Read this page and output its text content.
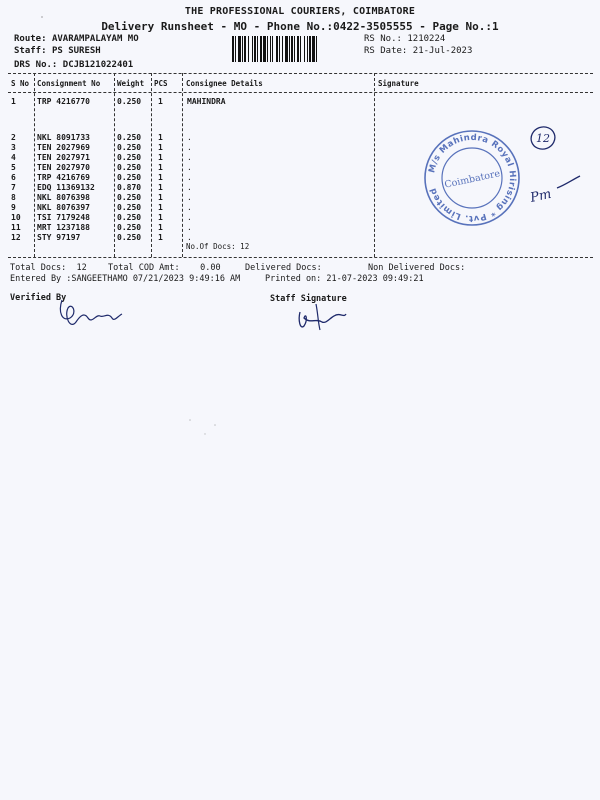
THE PROFESSIONAL COURIERS, COIMBATORE
Delivery Runsheet - MO - Phone No.:0422-3505555 - Page No.:1
Route: AVARAMPALAYAM MO
Staff: PS SURESH
DRS No.: DCJB121022401
RS No.: 1210224
RS Date: 21-Jul-2023
S No Consignment No Weight PCS Consignee Details	Signature
1	TRP 4216770	0.250 1	MAHINDRA
2	NKL 8091733	0.250 1	.
3	TEN 2027969	0.250 1	.
4	TEN 2027971	0.250 1	.
5	TEN 2027970	0.250 1	.
6	TRP 4216769	0.250 1	.
7	EDQ 11369132	0.870 1	.
8	NKL 8076398	0.250 1	.
9	NKL 8076397	0.250 1	.
10 TSI 7179248	0.250 1	.
11 MRT 1237188	0.250 1	.
12 STY 97197	0.250 1	.
No.Of Docs: 12
Total Docs:  12 Total COD Amt:    0.00	Delivered Docs:	Non Delivered Docs:
Entered By :SANGEETHAMO 07/21/2023 9:49:16 AM	Printed on: 21-07-2023 09:49:21
Verified By	Staff Signature
M/s Mahindra Royal Hirising * Pvt. Limited
Coimbatore
12
Pm
